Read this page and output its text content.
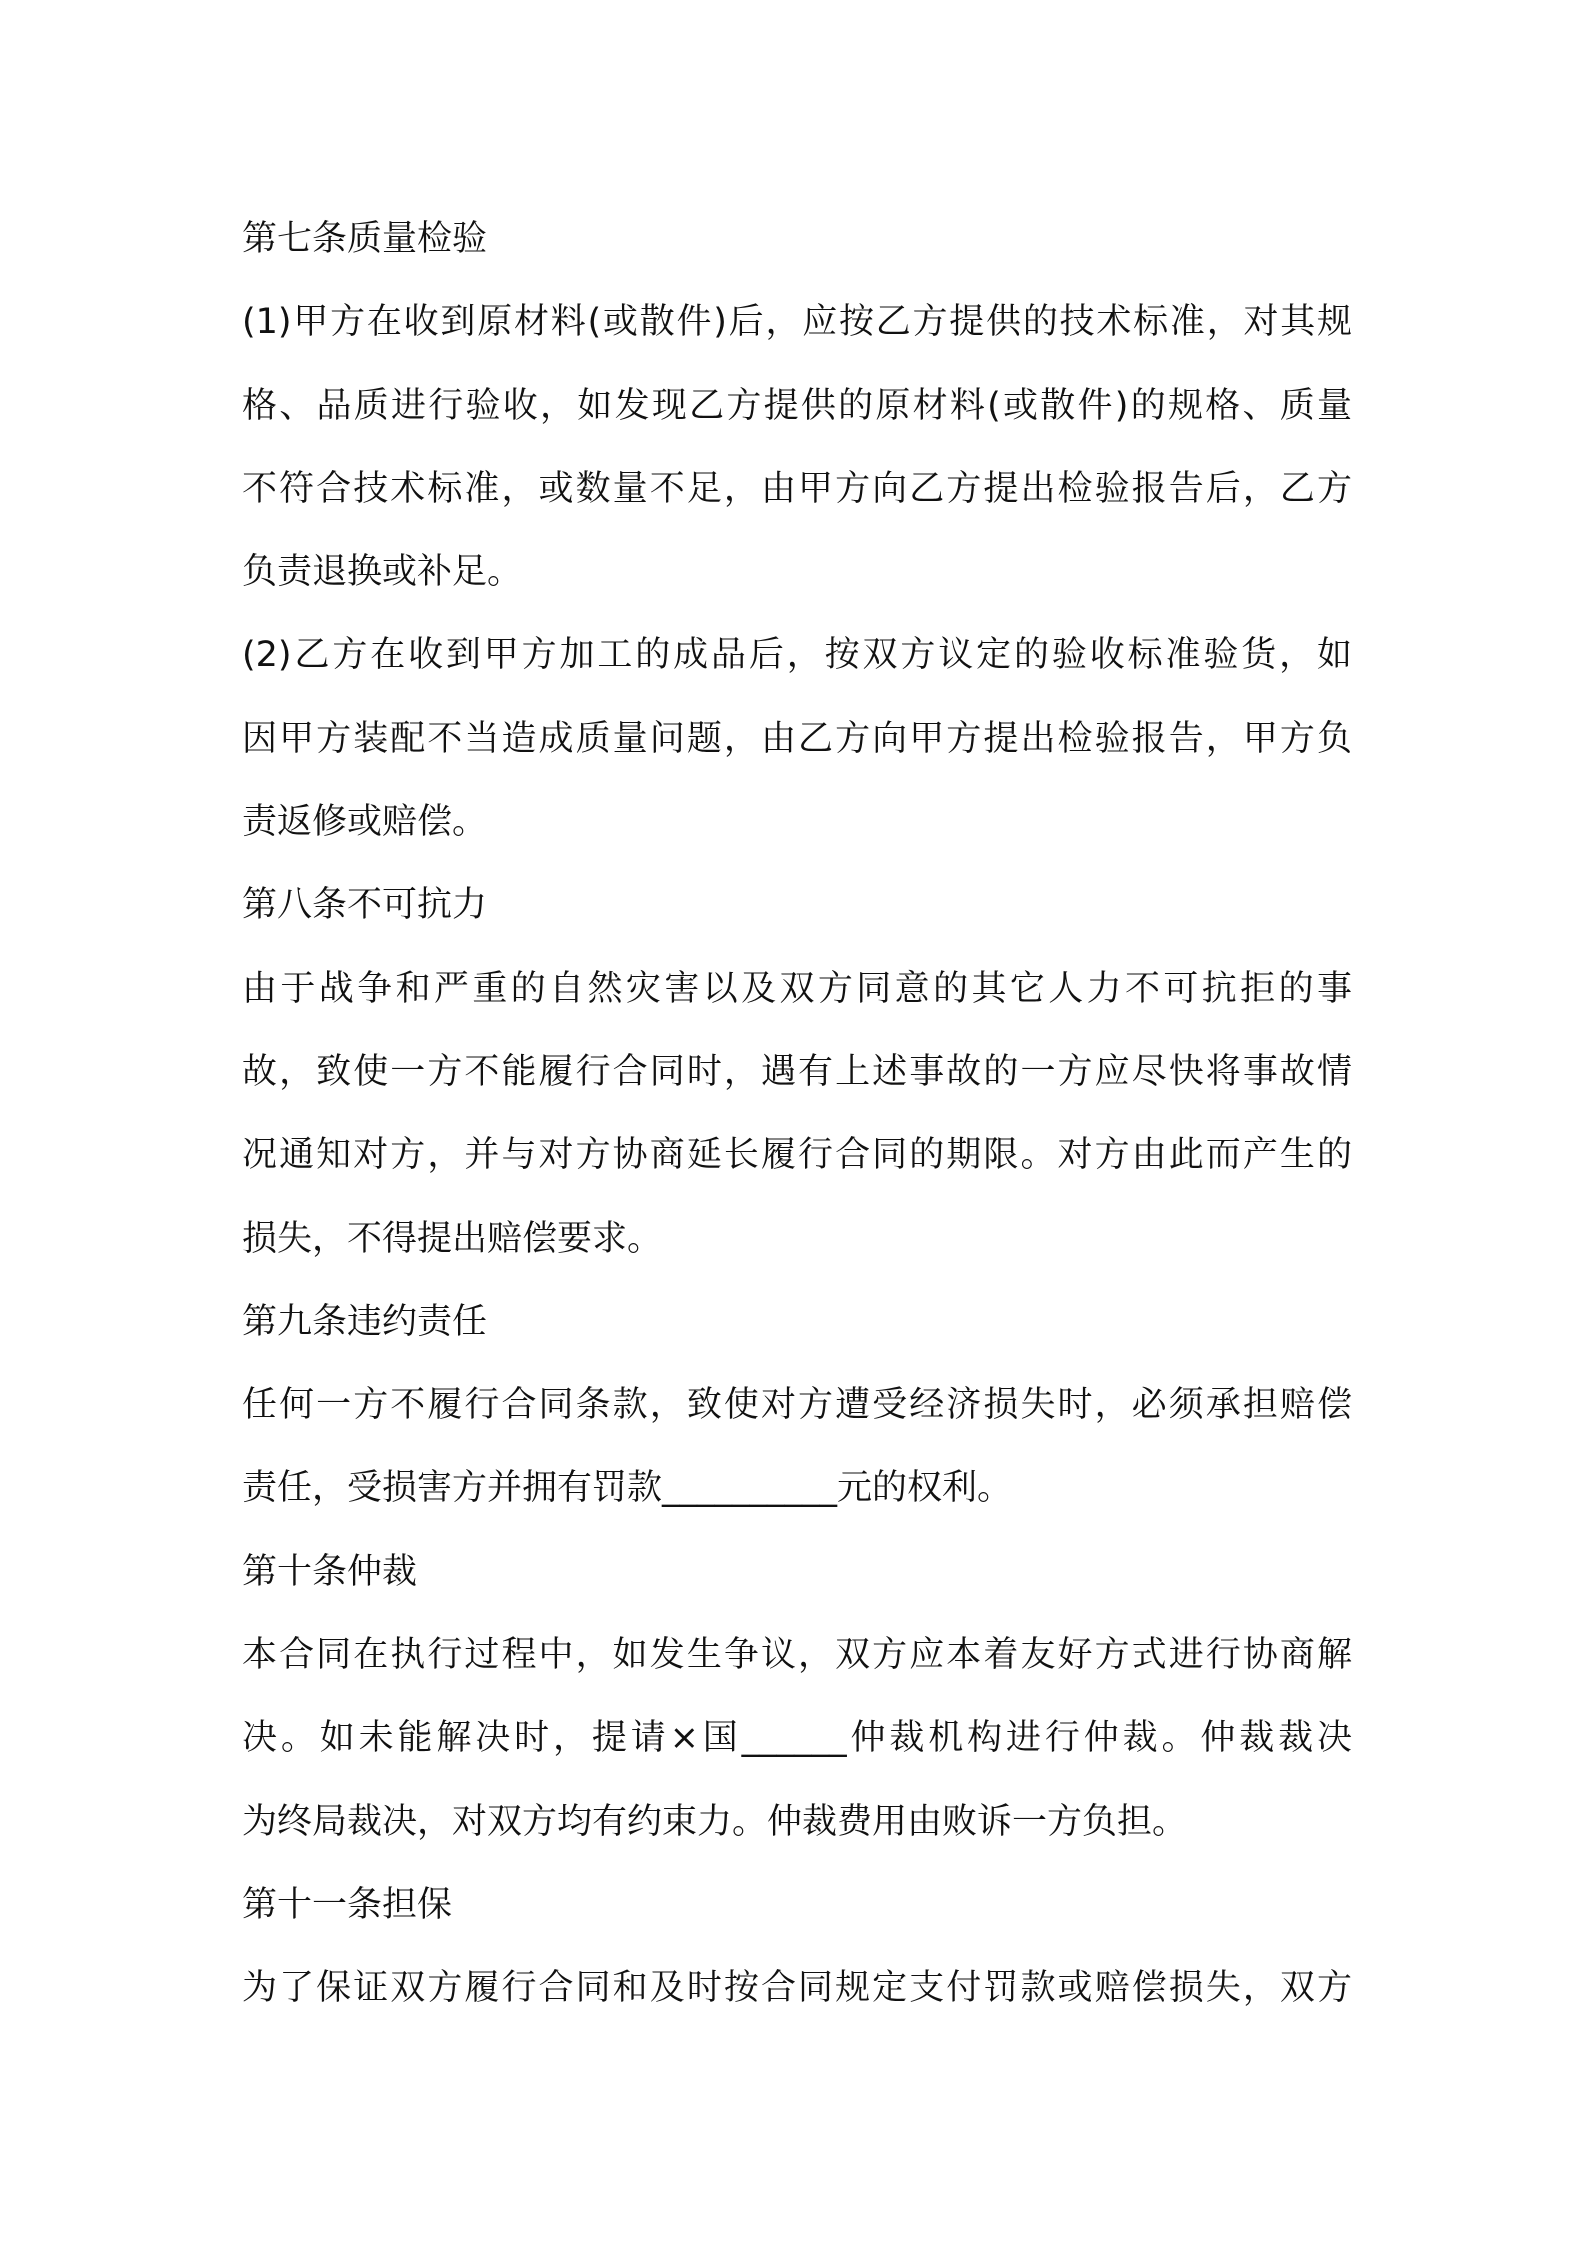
第七条质量检验
(1)甲方在收到原材料(或散件)后，应按乙方提供的技术标准，对其规
格、品质进行验收，如发现乙方提供的原材料(或散件)的规格、质量
不符合技术标准，或数量不足，由甲方向乙方提出检验报告后，乙方
负责退换或补足。
(2)乙方在收到甲方加工的成品后，按双方议定的验收标准验货，如
因甲方装配不当造成质量问题，由乙方向甲方提出检验报告，甲方负
责返修或赔偿。
第八条不可抗力
由于战争和严重的自然灾害以及双方同意的其它人力不可抗拒的事
故，致使一方不能履行合同时，遇有上述事故的一方应尽快将事故情
况通知对方，并与对方协商延长履行合同的期限。对方由此而产生的
损失，不得提出赔偿要求。
第九条违约责任
任何一方不履行合同条款，致使对方遭受经济损失时，必须承担赔偿
责任，受损害方并拥有罚款__________元的权利。
第十条仲裁
本合同在执行过程中，如发生争议，双方应本着友好方式进行协商解
决。如未能解决时，提请×国______仲裁机构进行仲裁。仲裁裁决
为终局裁决，对双方均有约束力。仲裁费用由败诉一方负担。
第十一条担保
为了保证双方履行合同和及时按合同规定支付罚款或赔偿损失，双方
